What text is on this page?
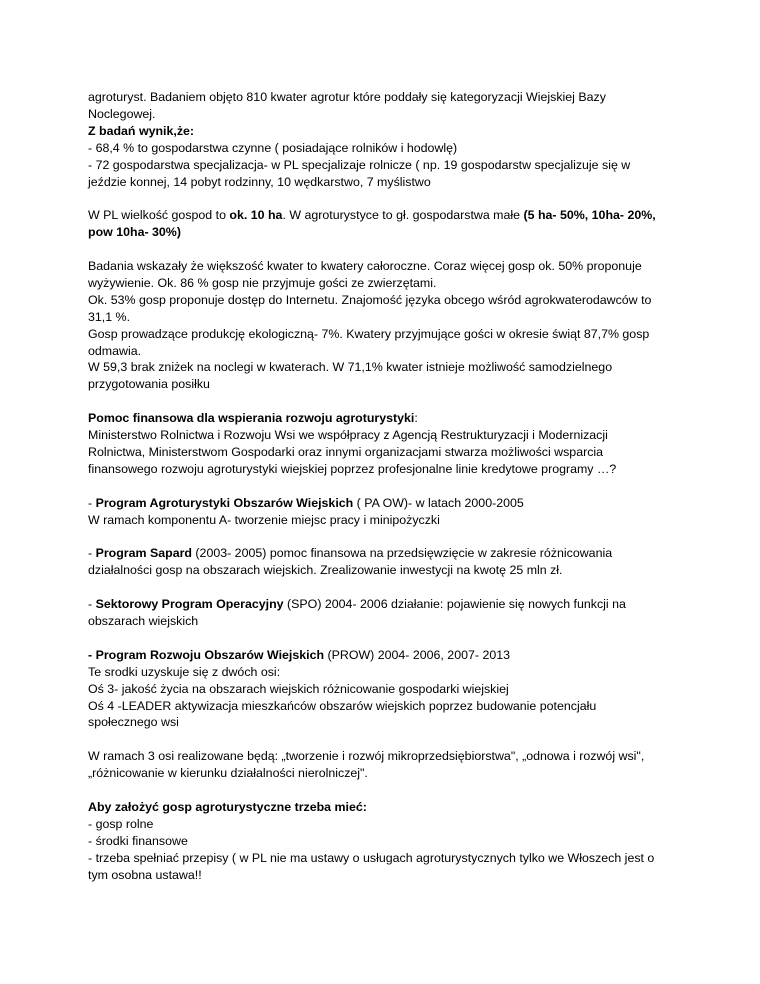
agroturyst. Badaniem objęto 810 kwater agrotur które poddały się kategoryzacji Wiejskiej Bazy

Noclegowej.

Z badań wynik,że:

- 68,4 % to gospodarstwa czynne ( posiadające rolników i hodowlę)

- 72 gospodarstwa specjalizacja- w PL specjalizaje rolnicze ( np. 19 gospodarstw specjalizuje się w

jeździe konnej, 14 pobyt rodzinny, 10 wędkarstwo, 7 myślistwo

W PL wielkość gospod to ok. 10 ha. W agroturystyce to gł. gospodarstwa małe (5 ha- 50%, 10ha- 20%,

pow 10ha- 30%)

Badania wskazały że większość kwater to kwatery całoroczne. Coraz więcej gosp ok. 50% proponuje

wyżywienie. Ok. 86 % gosp nie przyjmuje gości ze zwierzętami.

Ok. 53% gosp proponuje dostęp do Internetu. Znajomość języka obcego wśród agrokwaterodawców to

31,1 %.

Gosp prowadzące produkcję ekologiczną- 7%. Kwatery przyjmujące gości w okresie świąt 87,7% gosp

odmawia.

W 59,3 brak zniżek na noclegi w kwaterach. W 71,1% kwater istnieje możliwość samodzielnego

przygotowania posiłku

Pomoc finansowa dla wspierania rozwoju agroturystyki:

Ministerstwo Rolnictwa i Rozwoju Wsi we współpracy z Agencją Restrukturyzacji i Modernizacji

Rolnictwa, Ministerstwom Gospodarki oraz innymi organizacjami stwarza możliwości wsparcia

finansowego rozwoju agroturystyki wiejskiej poprzez profesjonalne linie kredytowe programy …?

- Program Agroturystyki Obszarów Wiejskich ( PA OW)- w latach 2000-2005

W ramach komponentu A- tworzenie miejsc pracy i minipożyczki

- Program Sapard (2003- 2005) pomoc finansowa na przedsięwzięcie w zakresie różnicowania

działalności gosp na obszarach wiejskich. Zrealizowanie inwestycji na kwotę 25 mln zł.

- Sektorowy Program Operacyjny (SPO) 2004- 2006 działanie: pojawienie się nowych funkcji na

obszarach wiejskich

- Program Rozwoju Obszarów Wiejskich (PROW) 2004- 2006, 2007- 2013

Te srodki uzyskuje się z dwóch osi:

Oś 3- jakość życia na obszarach wiejskich różnicowanie gospodarki wiejskiej

Oś 4 -LEADER aktywizacja mieszkańców obszarów wiejskich poprzez budowanie potencjału

społecznego wsi

W ramach 3 osi realizowane będą: „tworzenie i rozwój mikroprzedsiębiorstwa", „odnowa i rozwój wsi",

„różnicowanie w kierunku działalności nierolniczej".

Aby założyć gosp agroturystyczne trzeba mieć:

- gosp rolne

- środki finansowe

- trzeba spełniać przepisy ( w PL nie ma ustawy o usługach agroturystycznych tylko we Włoszech jest o

tym osobna ustawa!!
